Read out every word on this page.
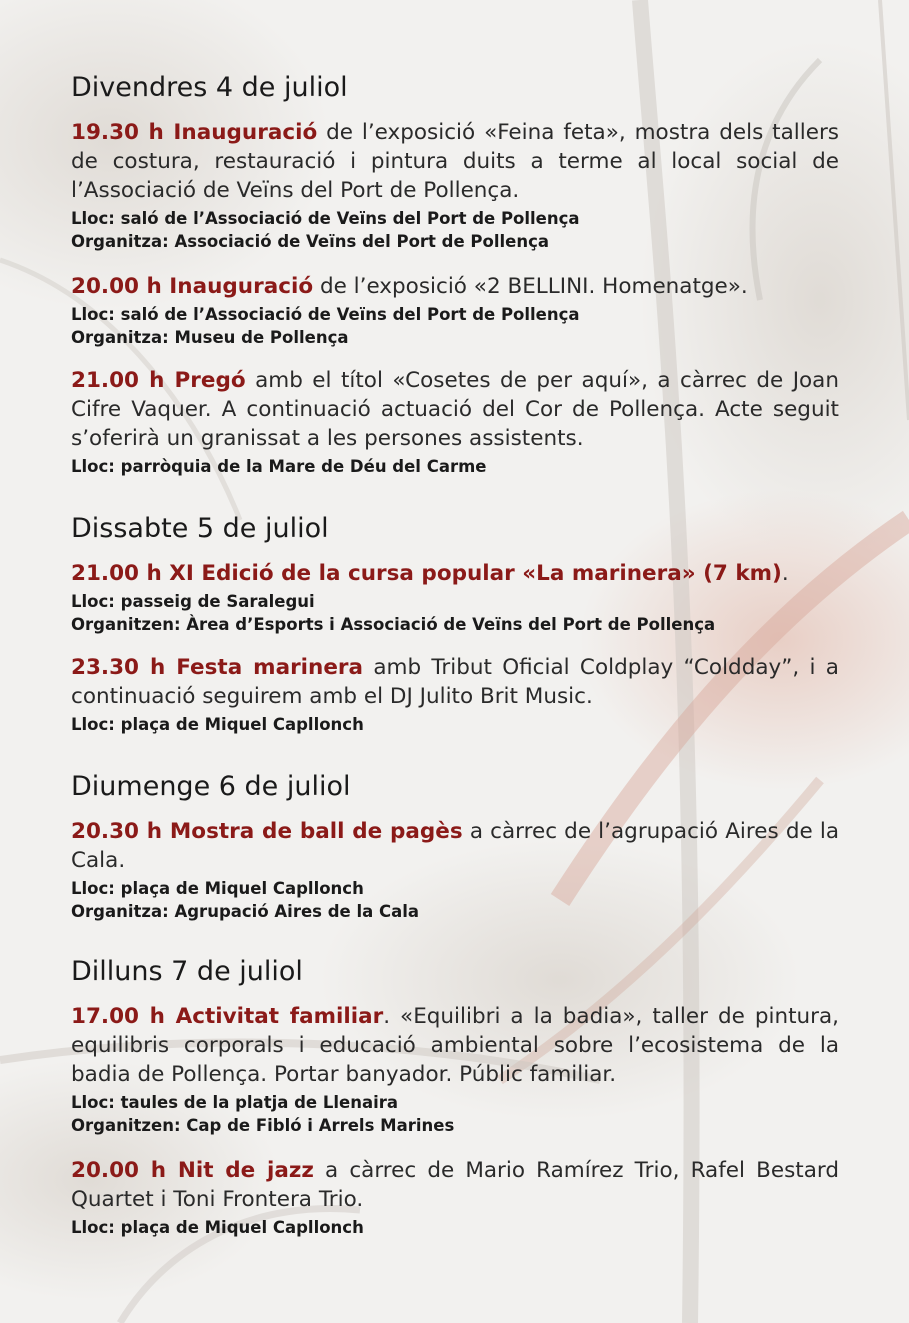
Divendres 4 de juliol

19.30 h Inauguració de l’exposició «Feina feta», mostra dels tallers de costura, restauració i pintura duits a terme al local social de l’Associació de Veïns del Port de Pollença.

Lloc: saló de l’Associació de Veïns del Port de Pollença
Organitza: Associació de Veïns del Port de Pollença

20.00 h Inauguració de l’exposició «2 BELLINI. Homenatge».

Lloc: saló de l’Associació de Veïns del Port de Pollença
Organitza: Museu de Pollença

21.00 h Pregó amb el títol «Cosetes de per aquí», a càrrec de Joan Cifre Vaquer. A continuació actuació del Cor de Pollença. Acte seguit s’oferirà un granissat a les persones assistents.

Lloc: parròquia de la Mare de Déu del Carme

Dissabte 5 de juliol

21.00 h XI Edició de la cursa popular «La marinera» (7 km).

Lloc: passeig de Saralegui
Organitzen: Àrea d’Esports i Associació de Veïns del Port de Pollença

23.30 h Festa marinera amb Tribut Oficial Coldplay “Coldday”, i a continuació seguirem amb el DJ Julito Brit Music.

Lloc: plaça de Miquel Capllonch

Diumenge 6 de juliol

20.30 h Mostra de ball de pagès a càrrec de l’agrupació Aires de la Cala.

Lloc: plaça de Miquel Capllonch
Organitza: Agrupació Aires de la Cala

Dilluns 7 de juliol

17.00 h Activitat familiar. «Equilibri a la badia», taller de pintura, equilibris corporals i educació ambiental sobre l’ecosistema de la badia de Pollença. Portar banyador. Públic familiar.

Lloc: taules de la platja de Llenaira
Organitzen: Cap de Fibló i Arrels Marines

20.00 h Nit de jazz a càrrec de Mario Ramírez Trio, Rafel Bestard Quartet i Toni Frontera Trio.

Lloc: plaça de Miquel Capllonch
